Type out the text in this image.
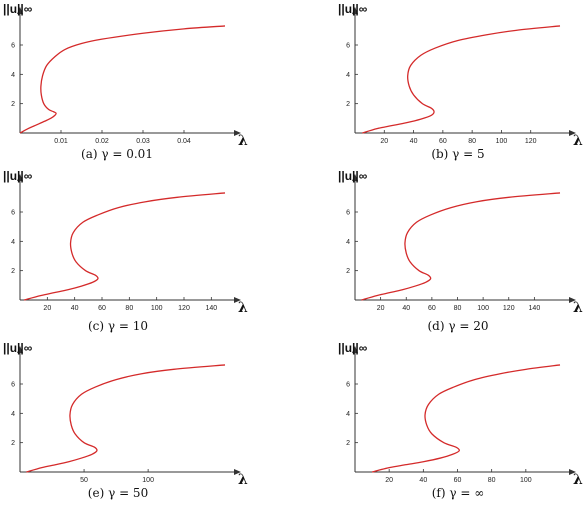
0.01	0.02	0.03	0.04
2
4
6
||u||∞
λ
(a) γ = 0.01
20	40	60	80	100	120
2
4
6
||u||∞
λ
(b) γ = 5
20	40	60	80	100 120 140
2
4
6
||u||∞
λ
(c) γ = 10
20	40	60	80 100 120 140
2
4
6
||u||∞
λ
(d) γ = 20
50	100
2
4
6
||u||∞
λ
(e) γ = 50
20	40	60	80	100
2
4
6
||u||∞
λ
(f) γ = ∞
